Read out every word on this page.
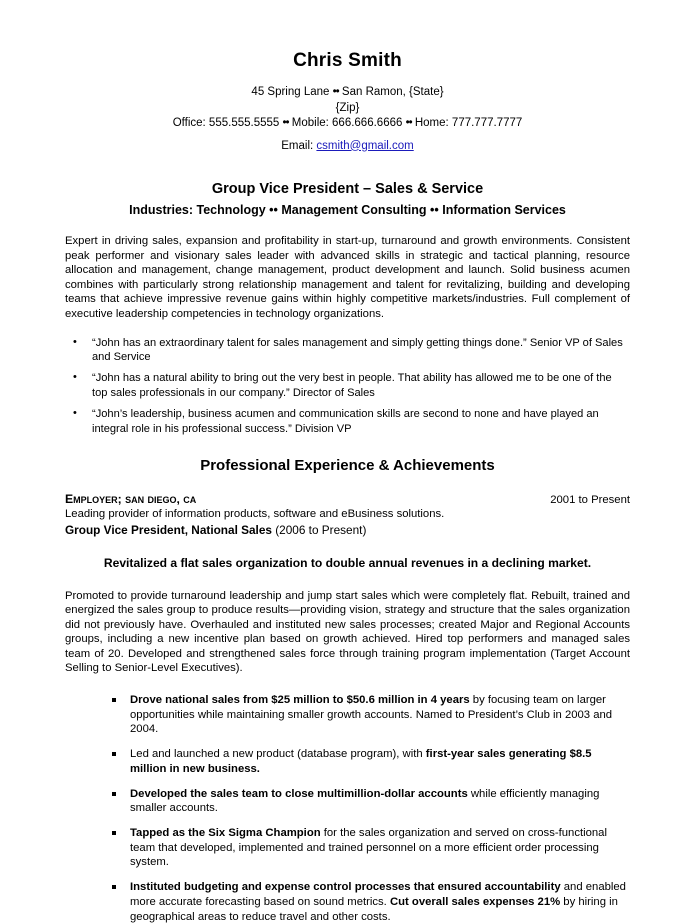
Chris Smith
45 Spring Lane •• San Ramon, {State}
{Zip}
Office: 555.555.5555 •• Mobile: 666.666.6666 •• Home: 777.777.7777
Email: csmith@gmail.com
Group Vice President – Sales & Service
Industries: Technology •• Management Consulting •• Information Services

Expert in driving sales, expansion and profitability in start-up, turnaround and growth environments. Consistent peak performer and visionary sales leader with advanced skills in strategic and tactical planning, resource allocation and management, change management, product development and launch. Solid business acumen combines with particularly strong relationship management and talent for revitalizing, building and developing teams that achieve impressive revenue gains within highly competitive markets/industries. Full complement of executive leadership competencies in technology organizations.

• “John has an extraordinary talent for sales management and simply getting things done.” Senior VP of Sales and Service
• “John has a natural ability to bring out the very best in people. That ability has allowed me to be one of the top sales professionals in our company.” Director of Sales
• “John’s leadership, business acumen and communication skills are second to none and have played an integral role in his professional success.” Division VP
Professional Experience & Achievements
Employer; san diego, ca	2001 to Present
Leading provider of information products, software and eBusiness solutions.
Group Vice President, National Sales (2006 to Present)
Revitalized a flat sales organization to double annual revenues in a declining market.

Promoted to provide turnaround leadership and jump start sales which were completely flat. Rebuilt, trained and energized the sales group to produce results—providing vision, strategy and structure that the sales organization did not previously have. Overhauled and instituted new sales processes; created Major and Regional Accounts groups, including a new incentive plan based on growth achieved. Hired top performers and managed sales team of 20. Developed and strengthened sales force through training program implementation (Target Account Selling to Senior-Level Executives).

Drove national sales from $25 million to $50.6 million in 4 years by focusing team on larger opportunities while maintaining smaller growth accounts. Named to President’s Club in 2003 and 2004.
Led and launched a new product (database program), with first-year sales generating $8.5 million in new business.
Developed the sales team to close multimillion-dollar accounts while efficiently managing smaller accounts.
Tapped as the Six Sigma Champion for the sales organization and served on cross-functional team that developed, implemented and trained personnel on a more efficient order processing system.
Instituted budgeting and expense control processes that ensured accountability and enabled more accurate forecasting based on sound metrics. Cut overall sales expenses 21% by hiring in geographical areas to reduce travel and other costs.
